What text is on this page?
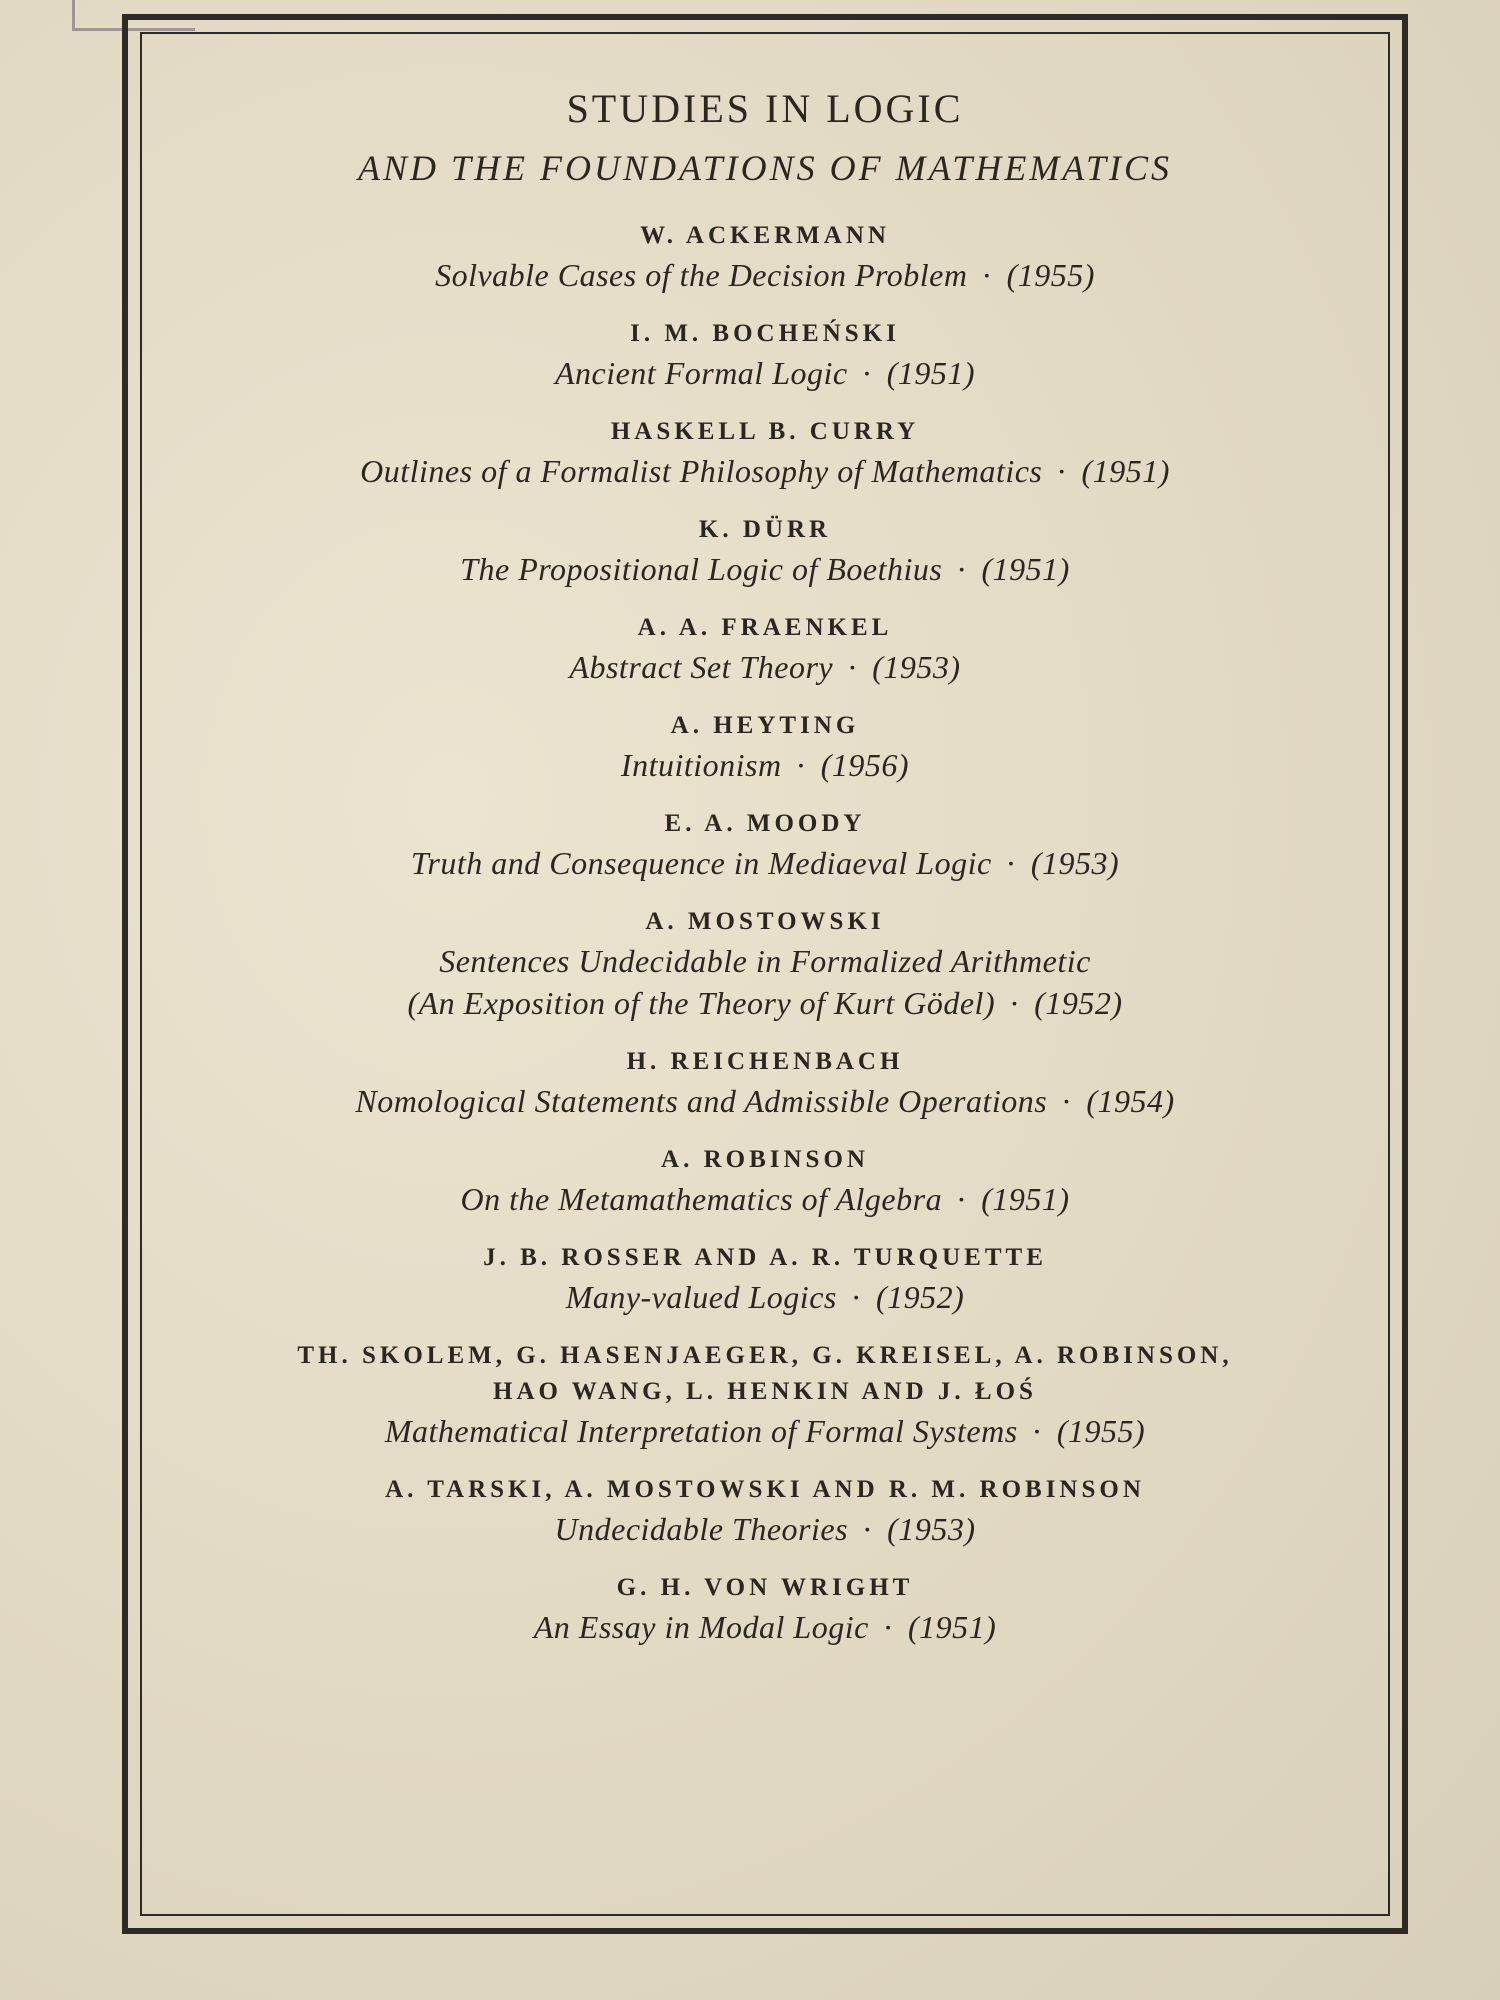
STUDIES IN LOGIC
AND THE FOUNDATIONS OF MATHEMATICS
W. ACKERMANN
Solvable Cases of the Decision Problem · (1955)
I. M. BOCHEŃSKI
Ancient Formal Logic · (1951)
HASKELL B. CURRY
Outlines of a Formalist Philosophy of Mathematics · (1951)
K. DÜRR
The Propositional Logic of Boethius · (1951)
A. A. FRAENKEL
Abstract Set Theory · (1953)
A. HEYTING
Intuitionism · (1956)
E. A. MOODY
Truth and Consequence in Mediaeval Logic · (1953)
A. MOSTOWSKI
Sentences Undecidable in Formalized Arithmetic
(An Exposition of the Theory of Kurt Gödel) · (1952)
H. REICHENBACH
Nomological Statements and Admissible Operations · (1954)
A. ROBINSON
On the Metamathematics of Algebra · (1951)
J. B. ROSSER AND A. R. TURQUETTE
Many-valued Logics · (1952)
TH. SKOLEM, G. HASENJAEGER, G. KREISEL, A. ROBINSON,
HAO WANG, L. HENKIN AND J. ŁOŚ
Mathematical Interpretation of Formal Systems · (1955)
A. TARSKI, A. MOSTOWSKI AND R. M. ROBINSON
Undecidable Theories · (1953)
G. H. VON WRIGHT
An Essay in Modal Logic · (1951)
